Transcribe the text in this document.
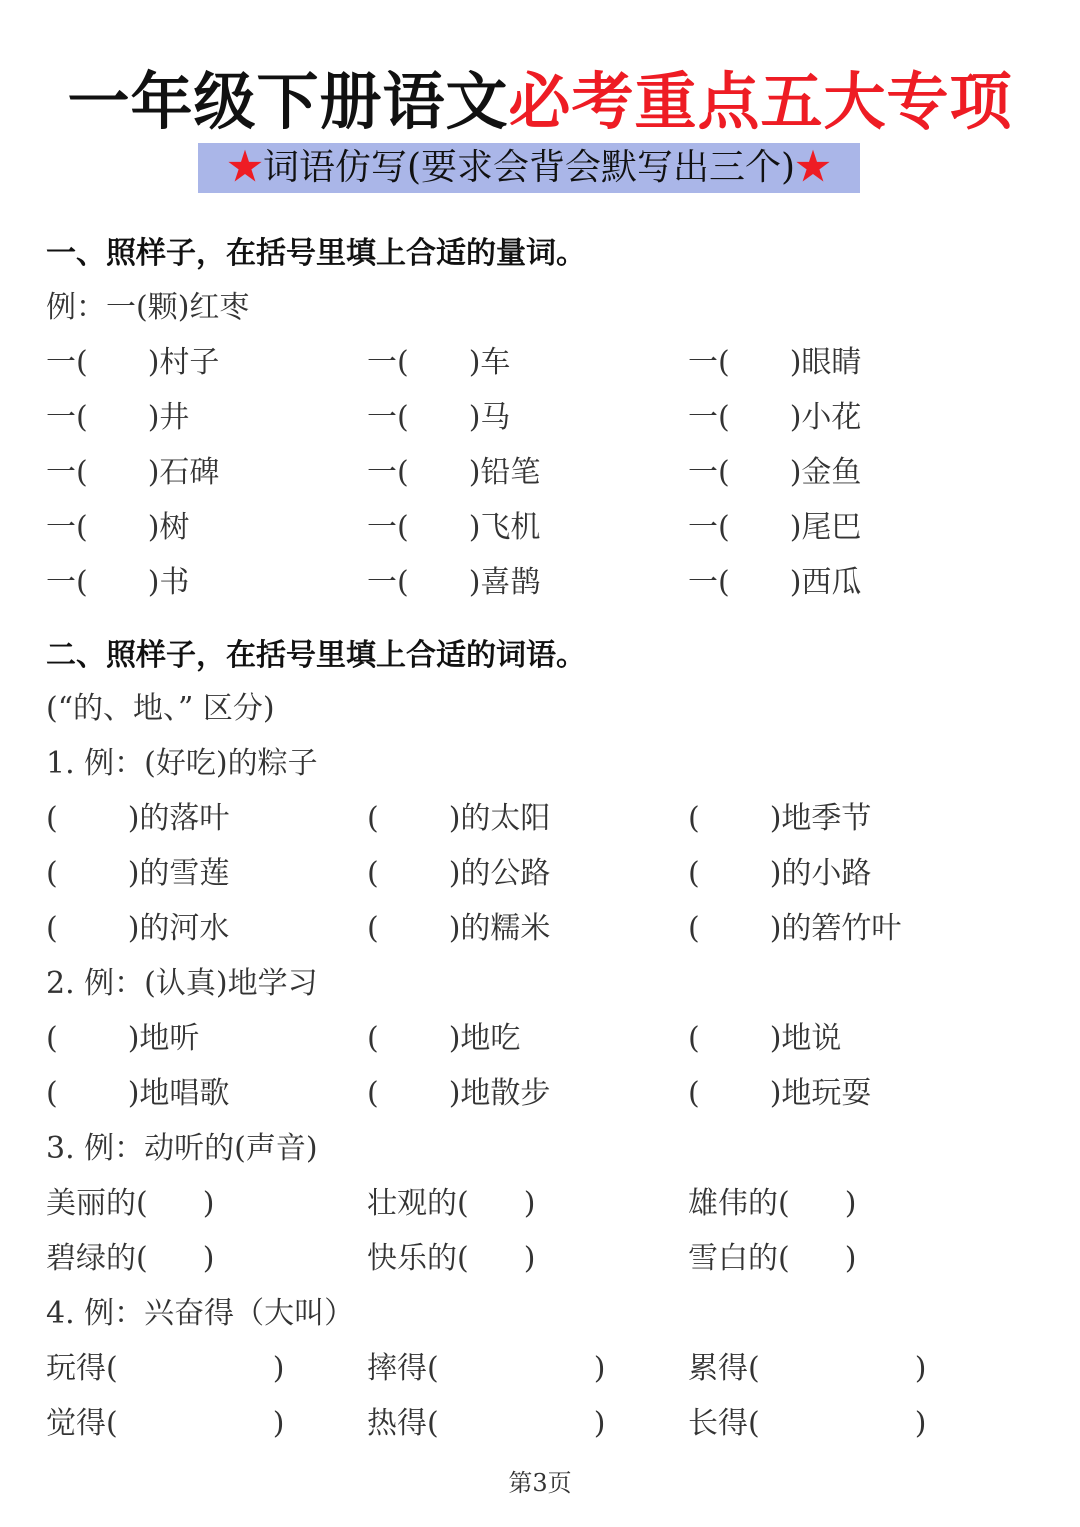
一年级下册语文必考重点五大专项
★词语仿写(要求会背会默写出三个)★
一、照样子，在括号里填上合适的量词。
例：一(颗)红枣
一( )村子	一( )车	一( )眼睛
一( )井	一( )马	一( )小花
一( )石碑	一( )铅笔	一( )金鱼
一( )树	一( )飞机	一( )尾巴
一( )书	一( )喜鹊	一( )西瓜
二、照样子，在括号里填上合适的词语。
(“的、地、” 区分)
1. 例：(好吃)的粽子
2. 例：(认真)地学习
3. 例：动听的(声音)
4. 例：兴奋得（大叫）
( )的落叶	( )的太阳	( )地季节
( )的雪莲	( )的公路	( )的小路
( )的河水	( )的糯米	( )的箬竹叶
( )地听	( )地吃	( )地说
( )地唱歌	( )地散步	( )地玩耍
美丽的( )	壮观的( )	雄伟的( )
碧绿的( )	快乐的( )	雪白的( )
玩得(	)	摔得(	)	累得(	)
觉得(	)	热得(	)	长得(	)
第3页
